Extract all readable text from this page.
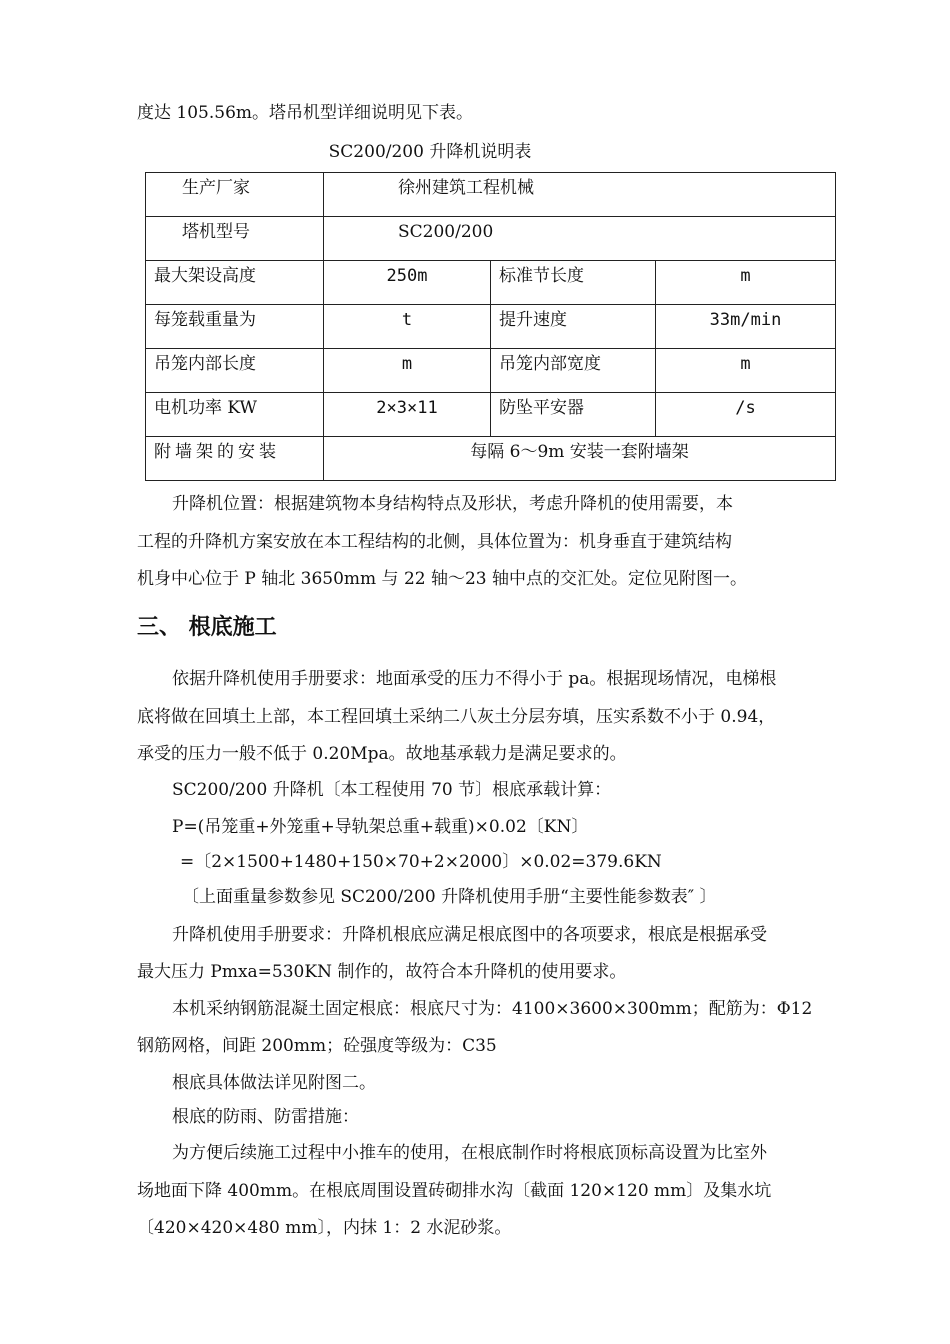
度达 105.56m。塔吊机型详细说明见下表。
SC200/200 升降机说明表
生产厂家	徐州建筑工程机械		
塔机型号	SC200/200		
最大架设高度	250m	标准节长度	m
每笼载重量为	t	提升速度	33m/min
吊笼内部长度	m	吊笼内部宽度	m
电机功率 KW	2×3×11	防坠平安器	/s
附墙架的安装	每隔 6～9m 安装一套附墙架		
升降机位置：根据建筑物本身结构特点及形状，考虑升降机的使用需要，本
工程的升降机方案安放在本工程结构的北侧，具体位置为：机身垂直于建筑结构
机身中心位于 P 轴北 3650mm 与 22 轴～23 轴中点的交汇处。定位见附图一。
三、 根底施工
依据升降机使用手册要求：地面承受的压力不得小于 pa。根据现场情况，电梯根
底将做在回填土上部，本工程回填土采纳二八灰土分层夯填，压实系数不小于 0.94，
承受的压力一般不低于 0.20Mpa。故地基承载力是满足要求的。
SC200/200 升降机〔本工程使用 70 节〕根底承载计算：
P=(吊笼重+外笼重+导轨架总重+载重)×0.02〔KN〕
=〔2×1500+1480+150×70+2×2000〕×0.02=379.6KN
〔上面重量参数参见 SC200/200 升降机使用手册“主要性能参数表″ 〕
升降机使用手册要求：升降机根底应满足根底图中的各项要求，根底是根据承受
最大压力 Pmxa=530KN 制作的，故符合本升降机的使用要求。
本机采纳钢筋混凝土固定根底：根底尺寸为：4100×3600×300mm；配筋为：Φ12
钢筋网格，间距 200mm；砼强度等级为：C35
根底具体做法详见附图二。
根底的防雨、防雷措施：
为方便后续施工过程中小推车的使用，在根底制作时将根底顶标高设置为比室外
场地面下降 400mm。在根底周围设置砖砌排水沟〔截面 120×120 mm〕及集水坑
〔420×420×480 mm〕，内抹 1：2 水泥砂浆。
